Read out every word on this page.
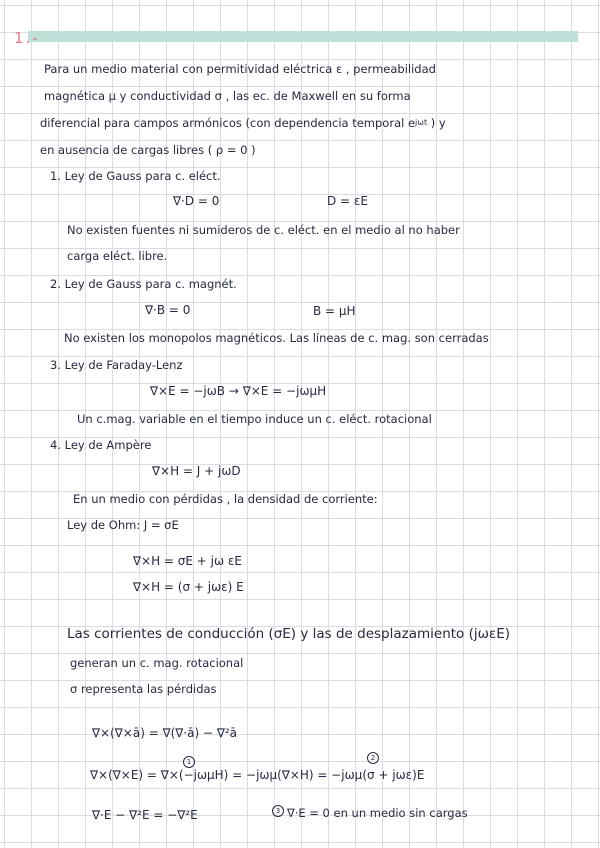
1.-
Para un medio material con permitividad eléctrica ε , permeabilidad
magnética μ y conductividad σ , las ec. de Maxwell en su forma
diferencial para campos armónicos (con dependencia temporal $e^{j\omega t}$ ) y
en ausencia de cargas libres ( ρ = 0 )
1. Ley de Gauss para c. eléct.
∇·D = 0	D = εE
No existen fuentes ni sumideros de c. eléct. en el medio al no haber
carga eléct. libre.
2. Ley de Gauss para c. magnét.
∇·B = 0	B = μH
No existen los monopolos magnéticos. Las líneas de c. mag. son cerradas
3. Ley de Faraday-Lenz
∇×E = −jωB → ∇×E = −jωμH
Un c.mag. variable en el tiempo induce un c. eléct. rotacional
4. Ley de Ampère
∇×H = J + jωD
En un medio con pérdidas , la densidad de corriente:
Ley de Ohm: J = σE
∇×H = σE + jω εE
∇×H = (σ + jωε) E
Las corrientes de conducción (σE) y las de desplazamiento (jωεE)
generan un c. mag. rotacional
σ representa las pérdidas
∇×(∇×ā) = ∇(∇·ā) − ∇²ā
1	2
∇×(∇×E) = ∇×(−jωμH) = −jωμ(∇×H) = −jωμ(σ + jωε)E
∇·E − ∇²E = −∇²E	3 ∇·E = 0 en un medio sin cargas
